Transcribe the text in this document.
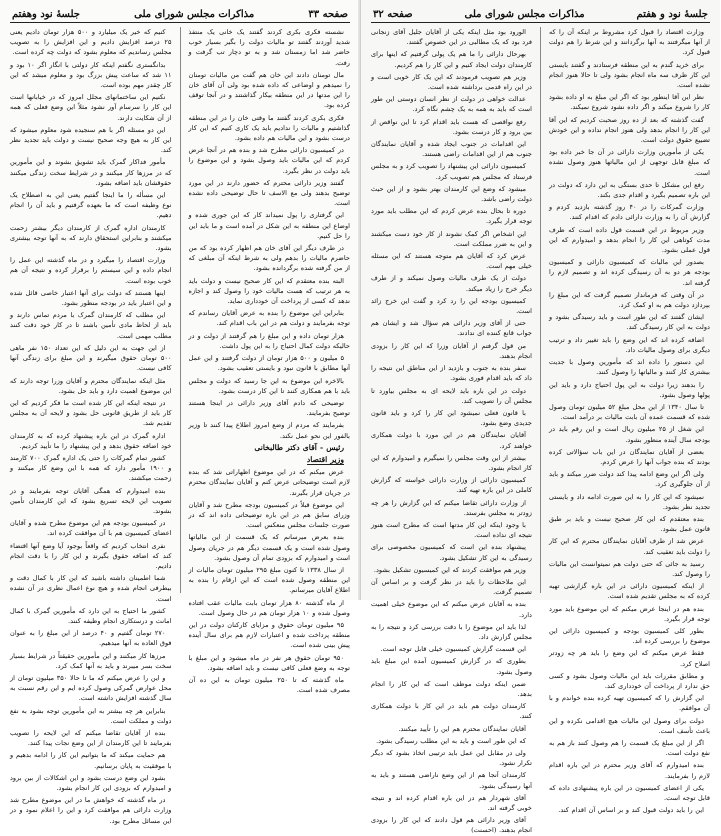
صفحه ۳۳
مذاکرات مجلس شورای ملی
جلسهٔ نود وهفتم

نشسته فکری بکری کردند گفتند یک خانی یک منتفذ شدید آوردند گفتند تو مالیات دولت را بگیر بسیار خوب حاضر شد اما زمستان شد و به تو دچار تب گرفت و رفت.

مال تومنان دادند این خان هم گفت من مالیات تومنان را نمیدهم و اوضاعی که داده شده بود ولی آن آقای خان را این مدتها در این منطقه بیکار گذاشتند و در آنجا توقف کرده بود.

فکری بکری کردند گفتند ما وقتی خان را در این منطقه گذاشتیم و مالیات را ندادیم باید یک کاری کنیم که این کار درست بشود و این مالیات هم داده بشود.

در کمیسیون دارائی مطرح شد و بنده هم در آنجا عرض کردم که این مالیات باید وصول بشود و این موضوع را باید دولت در نظر بگیرد.

گفتند وزیر دارائی محترم که حضور دارند در این مورد توضیح بدهند ولی مع الاسف تا حال توضیحی داده نشده است.

این گرفتاری را پول نمیداند کار که این جوری شده و اوضاع این منطقه به این شکل در آمده است و ما باید این را حل کنیم.

در طرف دیگر این آقای خان هم اظهار کرده بود که من حاضرم مالیات را بدهم ولی به شرط اینکه آن مبلغی که از من گرفته شده برگردانده بشود.

البته بنده معتقدم که این کار صحیح نیست و دولت باید به هر ترتیب که هست مالیات خود را وصول کند و اجازه ندهد که کسی از پرداخت آن خودداری نماید.

بنابراین این موضوع را بنده به عرض آقایان رساندم که توجه بفرمایند و دولت هم در این باب اقدام کند.

هزار تومان داده و این مبلغ را هم گرفتند از دولت و در حالیکه دولت کمال احتیاج را به این پول داشت.

۵ میلیون و ۵۰۰ هزار تومان از دولت گرفتند و این عمل آنها مطابق با قانون نبود و بایستی تعقیب بشود.

بالاخره این موضوع به این جا رسید که دولت و مجلس باید با هم همکاری کنند تا این کار درست بشود.

توضیحی که دادم آقای وزیر دارائی در اینجا هستند توضیح بفرمایند.

بفرمایند که مردم از وضع امروز اطلاع پیدا کنند تا وزیر بالفور این نحو عمل نکند.

رئیس - آقای دکتر طالبخانی

وزیر اقتصاد

عرض میکنم که در این موضوع اظهاراتی شد که بنده لازم است توضیحاتی عرض کنم و آقایان نمایندگان محترم در جریان قرار بگیرند.

این موضوع قبلاً در کمیسیون بودجه مطرح شد و آقایان وزرای سابق هم در این باره توضیحاتی داده اند که در صورت جلسات مجلس منعکس است.

بنده بعرض میرسانم که یک قسمت از این مالیاتها وصول شده است و یک قسمت دیگر هم در جریان وصول است و امیدوارم که بزودی تمام آن وصول بشود.

از سال ۱۳۳۸ تا کنون مبلغ ۲۹۵ میلیون تومان مالیات از این منطقه وصول شده است که این ارقام را بنده به اطلاع آقایان میرسانم.

از ماه گذشته ۸۰ هزار تومان بابت مالیات عقب افتاده وصول شده و ۱۰ هزار تومان هم در حال وصول است.

۹۵ میلیون تومان حقوق و مزایای کارکنان دولت در این منطقه پرداخت شده و اعتبارات لازم هم برای سال آینده پیش بینی شده است.

۹۵۰ تومان حقوق هر نفر در ماه میشود و این مبلغ با توجه به وضع فعلی کافی نیست و باید اضافه بشود.

ماه گذشته که تا ۲۵۰ میلیون تومان به این ده آن مصرف شده است.

کنیم که خیر یک میلیارد و ۵۰۰ هزار تومان دادیم یعنی ۲۵ درصد افزایش دادیم و این افزایش را به تصویب مجلس رساندیم که معلوم بشود که دولت چه کرده است.

بدانگستری نگفتم اینکه کار دولتی با انگار اگر ۱۰ بود و ۱۱ شد که ساعت پیش بزرگ بود و معلوم میشد که این کار چقدر مهم بوده است.

نکنیم این ساختمانهای مجلل امروز که در خیابانها است این کار را سرسام آور نشود مثلاً این وضع فعلی که همه از آن شکایت دارند.

این دو مسئله اگر با هم سنجیده شود معلوم میشود که این کار به هیچ وجه صحیح نیست و دولت باید تجدید نظر کند.

مأمور فداکار گمرک باید تشویق بشوند و این مأمورین که در مرزها کار میکنند و در شرایط سخت زندگی میکنند حقوقشان باید اضافه بشود.

این مسأله را ما اینجا گفتیم یعنی این به اصطلاح یک نوع وظیفه است که ما بعهده گرفتیم و باید آن را انجام دهیم.

کارمندان اداره گمرک از کارمندان دیگر بیشتر زحمت میکشند و بنابراین استحقاق دارند که به آنها توجه بیشتری بشود.

وزارت اقتصاد را میگیرد و در ماه گذشته این عمل را انجام داده و این سیستم را برقرار کرده و نتیجه آن هم خوب بوده است.

اینها هستند که دولت برای آنها اعتبار خاصی قائل شده و این اعتبار باید در بودجه منظور بشود.

این مطلب که کارمندان گمرک با مردم تماس دارند و باید از لحاظ مادی تأمین باشند تا در کار خود دقت کنند مطلب مهمی است.

از این جهت به این دلیل که این تعداد ۱۵۰ نفر ماهی ۵۰۰ تومان حقوق میگیرند و این مبلغ برای زندگی آنها کافی نیست.

مثل اینکه نمایندگان محترم و آقایان وزرا توجه دارند که این موضوع اهمیت دارد و باید حل بشود.

در نتیجه اینکه این کار شده است ما فکر کردیم که این کار باید از طریق قانونی حل بشود و لایحه آن به مجلس تقدیم شد.

اداره گمرک در این باره پیشنهاد کرده که به کارمندان خود اضافه حقوق بدهد و این پیشنهاد را ما تأیید کردیم.

کشور تمام گمرکات را حتی یک اداره گمرک ۷۰۰ کارمند و ۱۹۰۰ مأمور دارد که همه با این وضع کار میکنند و زحمت میکشند.

بنده امیدوارم که همگی آقایان توجه بفرمایند و در تصویب این لایحه تسریع بشود که این کارمندان تأمین بشوند.

در کمیسیون بودجه هم این موضوع مطرح شده و آقایان اعضای کمیسیون هم با آن موافقت کرده اند.

نفری انتخاب کردیم که واقعاً بوجود آیا وضع آنها اقتضاء کند که اضافه حقوق بگیرند و این کار را با دقت انجام دادیم.

شما اطمینان داشته باشید که این کار با کمال دقت و بیطرفی انجام شده و هیچ نوع اعمال نظری در آن نشده است.

کشور ما احتیاج به این دارد که مأمورین گمرک با کمال امانت و درستکاری انجام وظیفه کنند.

۲۷۰ تومان گفتیم و ۴۰ درصد از این مبلغ را به عنوان فوق العاده به آنها میدهیم.

مرزها کار میکنند و این مأمورین حقیقتاً در شرایط بسیار سخت بسر میبرند و باید به آنها کمک کرد.

و این را عرض میکنم که ما تا حالا ۳۵۰ میلیون تومان از محل عوارض گمرکی وصول کرده ایم و این رقم نسبت به سال گذشته افزایش داشته است.

بنابراین هر چه بیشتر به این مأمورین توجه بشود به نفع دولت و مملکت است.

بنده از آقایان تقاضا میکنم که این لایحه را تصویب بفرمایند تا این کارمندان از این وضع نجات پیدا کنند.

هم حمایت میکند که ما بتوانیم این کار را ادامه بدهیم و با موفقیت به پایان برسانیم.

بشود این وضع درست بشود و این اشکالات از بین برود و امیدوارم که بزودی این کار انجام بشود.

در ماه گذشته که خواهش ما در این موضوع مطرح شد وزارت دارائی هم موافقت کرد و این را اعلام نمود و در این مسائل مطرح بود.

جلسهٔ نود و هفتم
مذاکرات مجلس شورای ملی
صفحه ۳۲

وزارت اقتصاد را قبول کرد مشروط بر اینکه آن را که از آنها میگرفتند به آنها برگردانند و این شرط را هم دولت قبول کرد.

برای خرید گندم به این منطقه فرستادند و گفتند بایستی این کار ظرف سه ماه انجام بشود ولی تا حالا هنوز انجام نشده است.

نظر این آقا اینطور بود که اگر این مبلغ به او داده بشود کار را شروع میکند و اگر داده نشود شروع نمیکند.

گفت گذشته که بعد از ده روز صحبت کردیم که این آقا این کار را انجام بدهد ولی هنوز انجام نداده و این خودش تضییع حقوق دولت است.

یکی از مأمورین وزارت دارائی در آن جا خبر داده بود که مبلغ قابل توجهی از این مالیاتها هنوز وصول نشده است.

رفع این مشکل تا حدی بستگی به این دارد که دولت در این باره تصمیم بگیرد و اقدام جدی بکند.

وزارت گمرکات را در ۴۰ روز گذشته بازدید کردم و گزارش آن را به وزارت دارائی دادم که اقدام کنند.

وزیر مربوط در این قسمت قول داده است که ظرف مدت کوتاهی این کار را انجام بدهد و امیدوارم که این قول عملی بشود.

بصدور این مالیات که کمیسیون دارائی و کمیسیون بودجه هر دو به آن رسیدگی کرده اند و تصمیم لازم را گرفته اند.

در آن وقتی که فرماندار تصمیم گرفت که این مبلغ را بپردازد دولت هم به او کمک کرد.

ایشان گفتند که این طور است و باید رسیدگی بشود و دولت به این کار رسیدگی کند.

اضافه کرده اند که این وضع را باید تغییر داد و ترتیب دیگری برای وصول مالیات داد.

این دستور را داده اند که مأمورین وصول با جدیت بیشتری کار کنند و مالیاتها را وصول کنند.

را بدهند زیرا دولت به این پول احتیاج دارد و باید این پولها وصول بشود.

تا سال ۱۳۴۰ از این محل مبلغ ۵۲ میلیون تومان وصول شده که قسمت عمده آن بابت مالیات بر درآمد است.

این شغل از ۲۵ میلیون ریال است و این رقم باید در بودجه سال آینده منظور بشود.

بعضی از آقایان نمایندگان در این باب سؤالاتی کرده بودند که بنده جواب آنها را عرض کردم.

ولی اگر این وضع ادامه پیدا کند دولت ضرر میکند و باید از آن جلوگیری کرد.

نمیشود که این کار را به این صورت ادامه داد و بایستی تجدید نظر بشود.

بنده معتقدم که این کار صحیح نیست و باید بر طبق قانون عمل بشود.

عرض شد از طرف آقایان نمایندگان محترم که این کار را دولت باید تعقیب کند.

رسید به جائی که حتی دولت هم نمیتوانست این مالیات را وصول کند.

از اینکه کمیسیون دارائی در این باره گزارشی تهیه کرده که به مجلس تقدیم شده است.

بنده هم در اینجا عرض میکنم که این موضوع باید مورد توجه قرار بگیرد.

بطور کلی کمیسیون بودجه و کمیسیون دارائی این موضوع را بررسی کرده اند.

فقط عرض میکنم که این وضع را باید هر چه زودتر اصلاح کرد.

و مطابق مقررات باید این مالیات وصول بشود و کسی حق ندارد از پرداخت آن خودداری کند.

این گزارش را که کمیسیون تهیه کرده بنده خواندم و با آن موافقم.

دولت برای وصول این مالیات هیچ اقدامی نکرده و این باعث تأسف است.

اگر از این مبلغ یک قسمت را هم وصول کنند باز هم به نفع دولت است.

بنده امیدوارم که آقای وزیر محترم در این باره اقدام لازم را بفرمایند.

یکی از اعضای کمیسیون در این باره پیشنهادی داده که قابل توجه است.

این را باید دولت قبول کند و بر اساس آن اقدام کند.

الورود بود مثل اینکه یکی از آقایان جلیل آقای زنجانی فرد بود که یک مطالبی در این خصوص گفتند.

بهرحال دارائی را ما هم یک پولی گرفتیم که اینها برای کارمندان دولت ایجاد کنیم و این کار را هم کردیم.

وزیر هم تصویب فرمودند که این یک کار خوبی است و در این راه قدمی برداشته شده است.

عدالت خواهی در دولت از نظر انسان دوستی این طور است که باید به همه به یک چشم نگاه کرد.

رفع نواقصی که هست باید اقدام کرد تا این نواقص از بین برود و کار درست بشود.

این اقدامات در جنوب ایجاد شده و آقایان نمایندگان جنوب هم از این اقدامات راضی هستند.

کمیسیون دارائی این پیشنهاد را تصویب کرد و به مجلس فرستاد که مجلس هم تصویب کرد.

میشود که وضع این کارمندان بهتر بشود و از این حیث دولت راضی باشد.

دوره تا بحال بنده عرض کردم که این مطلب باید مورد توجه قرار بگیرد.

این اشخاص اگر کمک نشوند از کار خود دست میکشند و این به ضرر مملکت است.

عرض کرد که آقایان هم متوجه هستند که این مسئله خیلی مهم است.

دولت از یک طرف مالیات وصول نمیکند و از طرف دیگر خرج را زیاد میکند.

کمیسیون بودجه این را رد کرد و گفت این خرج زائد است.

حتی از آقای وزیر دارائی هم سؤال شد و ایشان هم جواب قانع کننده ای ندادند.

من قول گرفتم از آقایان وزرا که این کار را بزودی انجام بدهند.

سفر بنده به جنوب و بازدید از این مناطق این نتیجه را داد که باید اقدام فوری بشود.

دولت در این باره باید لایحه ای به مجلس بیاورد تا مجلس آن را تصویب کند.

با قانون فعلی نمیشود این کار را کرد و باید قانون جدیدی وضع بشود.

آقایان نمایندگان هم در این مورد با دولت همکاری خواهند کرد.

بیشتر از این وقت مجلس را نمیگیرم و امیدوارم که این کار انجام بشود.

کمیسیون دارائی از وزارت دارائی خواسته که گزارش کاملی در این باره تهیه کند.

از وزارت دارائی تقاضا میکنم که این گزارش را هر چه زودتر به مجلس بفرستد.

با وجود اینکه این کار مدتها است که مطرح است هنوز نتیجه ای نداده است.

پیشنهاد بنده این است که کمیسیون مخصوصی برای رسیدگی به این کار تشکیل بشود.

وزیر هم موافقت کردند که این کمیسیون تشکیل بشود.

این ملاحظات را باید در نظر گرفت و بر اساس آن تصمیم گرفت.

بنده به آقایان عرض میکنم که این موضوع خیلی اهمیت دارد.

لذا باید این موضوع را با دقت بررسی کرد و نتیجه را به مجلس گزارش داد.

این قسمت گزارش کمیسیون خیلی قابل توجه است.

بطوری که در گزارش کمیسیون آمده این مبلغ باید وصول بشود.

ضمن اینکه دولت موظف است که این کار را انجام بدهد.

کارمندان دولت هم باید در این کار با دولت همکاری کنند.

آقایان نمایندگان محترم هم این را تأیید میکنند.

که این طور است و باید به این مطلب رسیدگی بشود.

ولی در مقابل این عمل باید ترتیبی اتخاذ بشود که دیگر تکرار نشود.

کارمندان آنجا هم از این وضع ناراضی هستند و باید به آنها رسیدگی بشود.

آقای شهردار هم در این باره اقدام کرده اند و نتیجه خوبی گرفته اند.

آقای وزیر دارائی هم قول دادند که این کار را بزودی انجام بدهند. (احسنت)
